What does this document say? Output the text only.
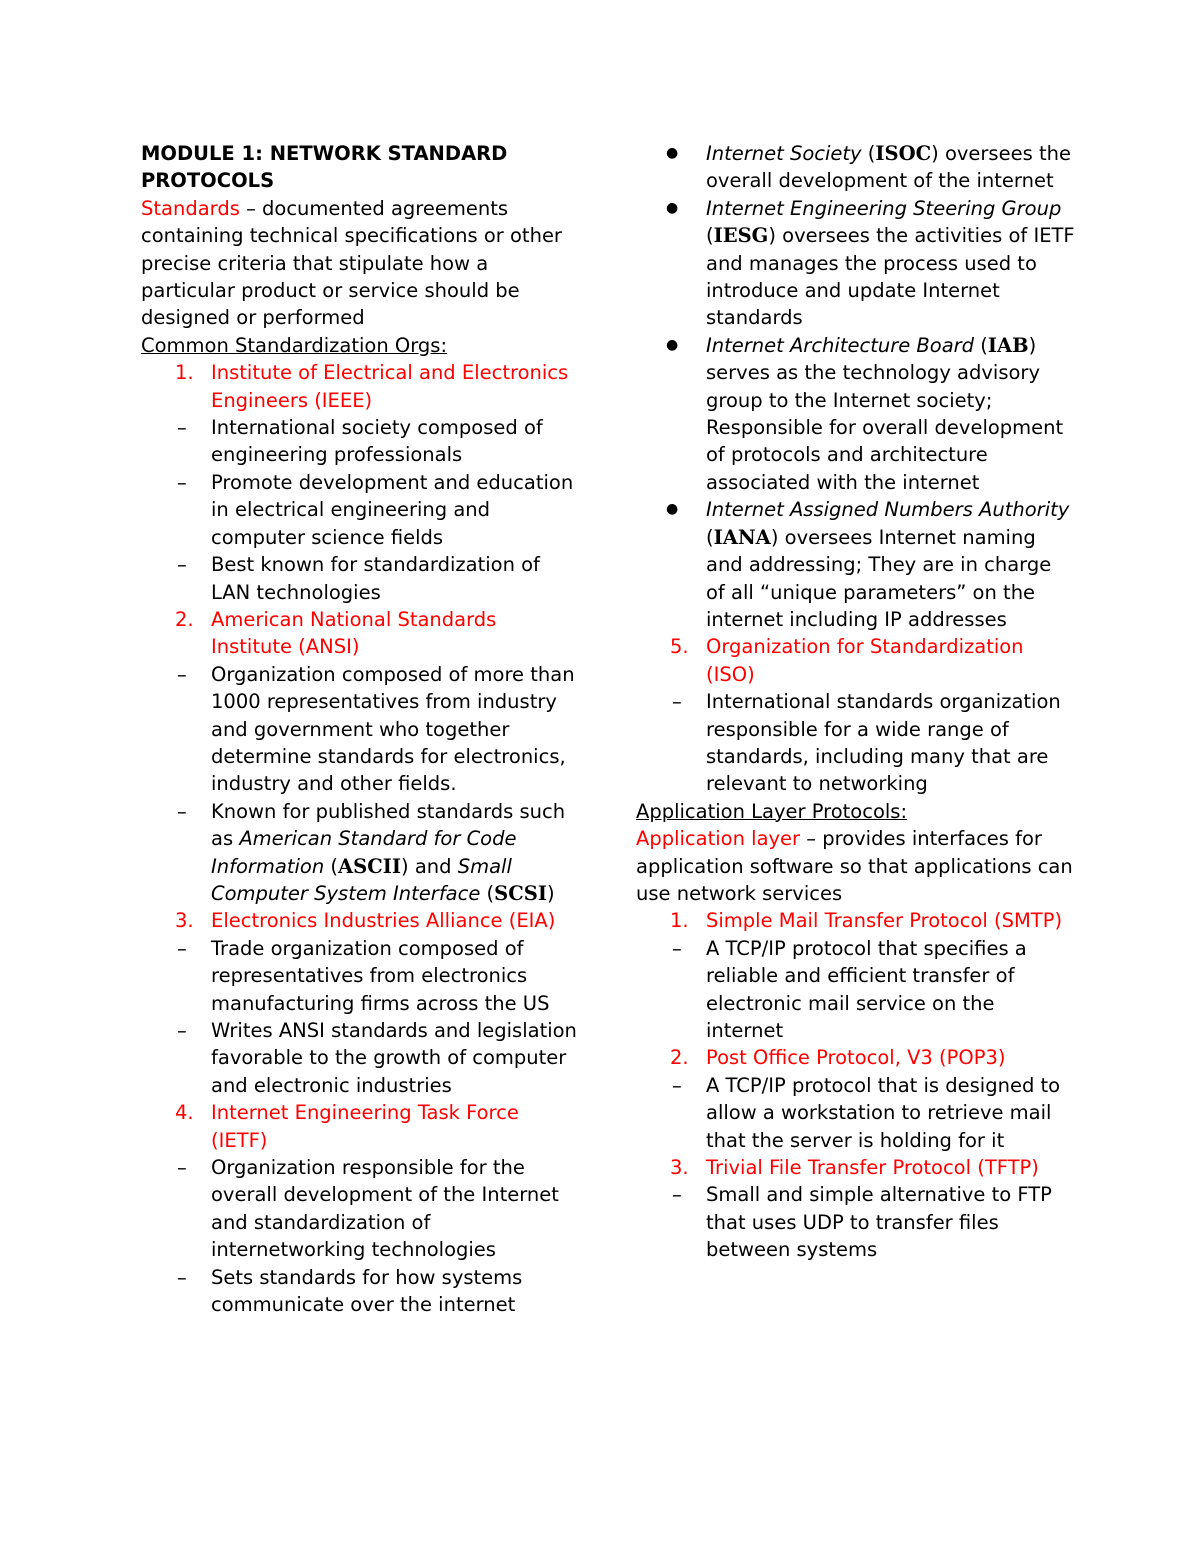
MODULE 1: NETWORK STANDARD PROTOCOLS
Standards – documented agreements containing technical specifications or other precise criteria that stipulate how a particular product or service should be designed or performed
Common Standardization Orgs:
1. Institute of Electrical and Electronics Engineers (IEEE)
–	International society composed of engineering professionals
–	Promote development and education in electrical engineering and computer science fields
–	Best known for standardization of LAN technologies
2. American National Standards Institute (ANSI)
–	Organization composed of more than 1000 representatives from industry and government who together determine standards for electronics, industry and other fields.
–	Known for published standards such as American Standard for Code Information (ASCII) and Small Computer System Interface (SCSI)
3. Electronics Industries Alliance (EIA)
–	Trade organization composed of representatives from electronics manufacturing firms across the US
–	Writes ANSI standards and legislation favorable to the growth of computer and electronic industries
4. Internet Engineering Task Force (IETF)
–	Organization responsible for the overall development of the Internet and standardization of internetworking technologies
–	Sets standards for how systems communicate over the internet
●	Internet Society (ISOC) oversees the overall development of the internet
●	Internet Engineering Steering Group (IESG) oversees the activities of IETF and manages the process used to introduce and update Internet standards
●	Internet Architecture Board (IAB) serves as the technology advisory group to the Internet society; Responsible for overall development of protocols and architecture associated with the internet
●	Internet Assigned Numbers Authority (IANA) oversees Internet naming and addressing; They are in charge of all “unique parameters” on the internet including IP addresses
5. Organization for Standardization (ISO)
–	International standards organization responsible for a wide range of standards, including many that are relevant to networking
Application Layer Protocols:
Application layer – provides interfaces for application software so that applications can use network services
1. Simple Mail Transfer Protocol (SMTP)
–	A TCP/IP protocol that specifies a reliable and efficient transfer of electronic mail service on the internet
2. Post Office Protocol, V3 (POP3)
–	A TCP/IP protocol that is designed to allow a workstation to retrieve mail that the server is holding for it
3. Trivial File Transfer Protocol (TFTP)
–	Small and simple alternative to FTP that uses UDP to transfer files between systems
